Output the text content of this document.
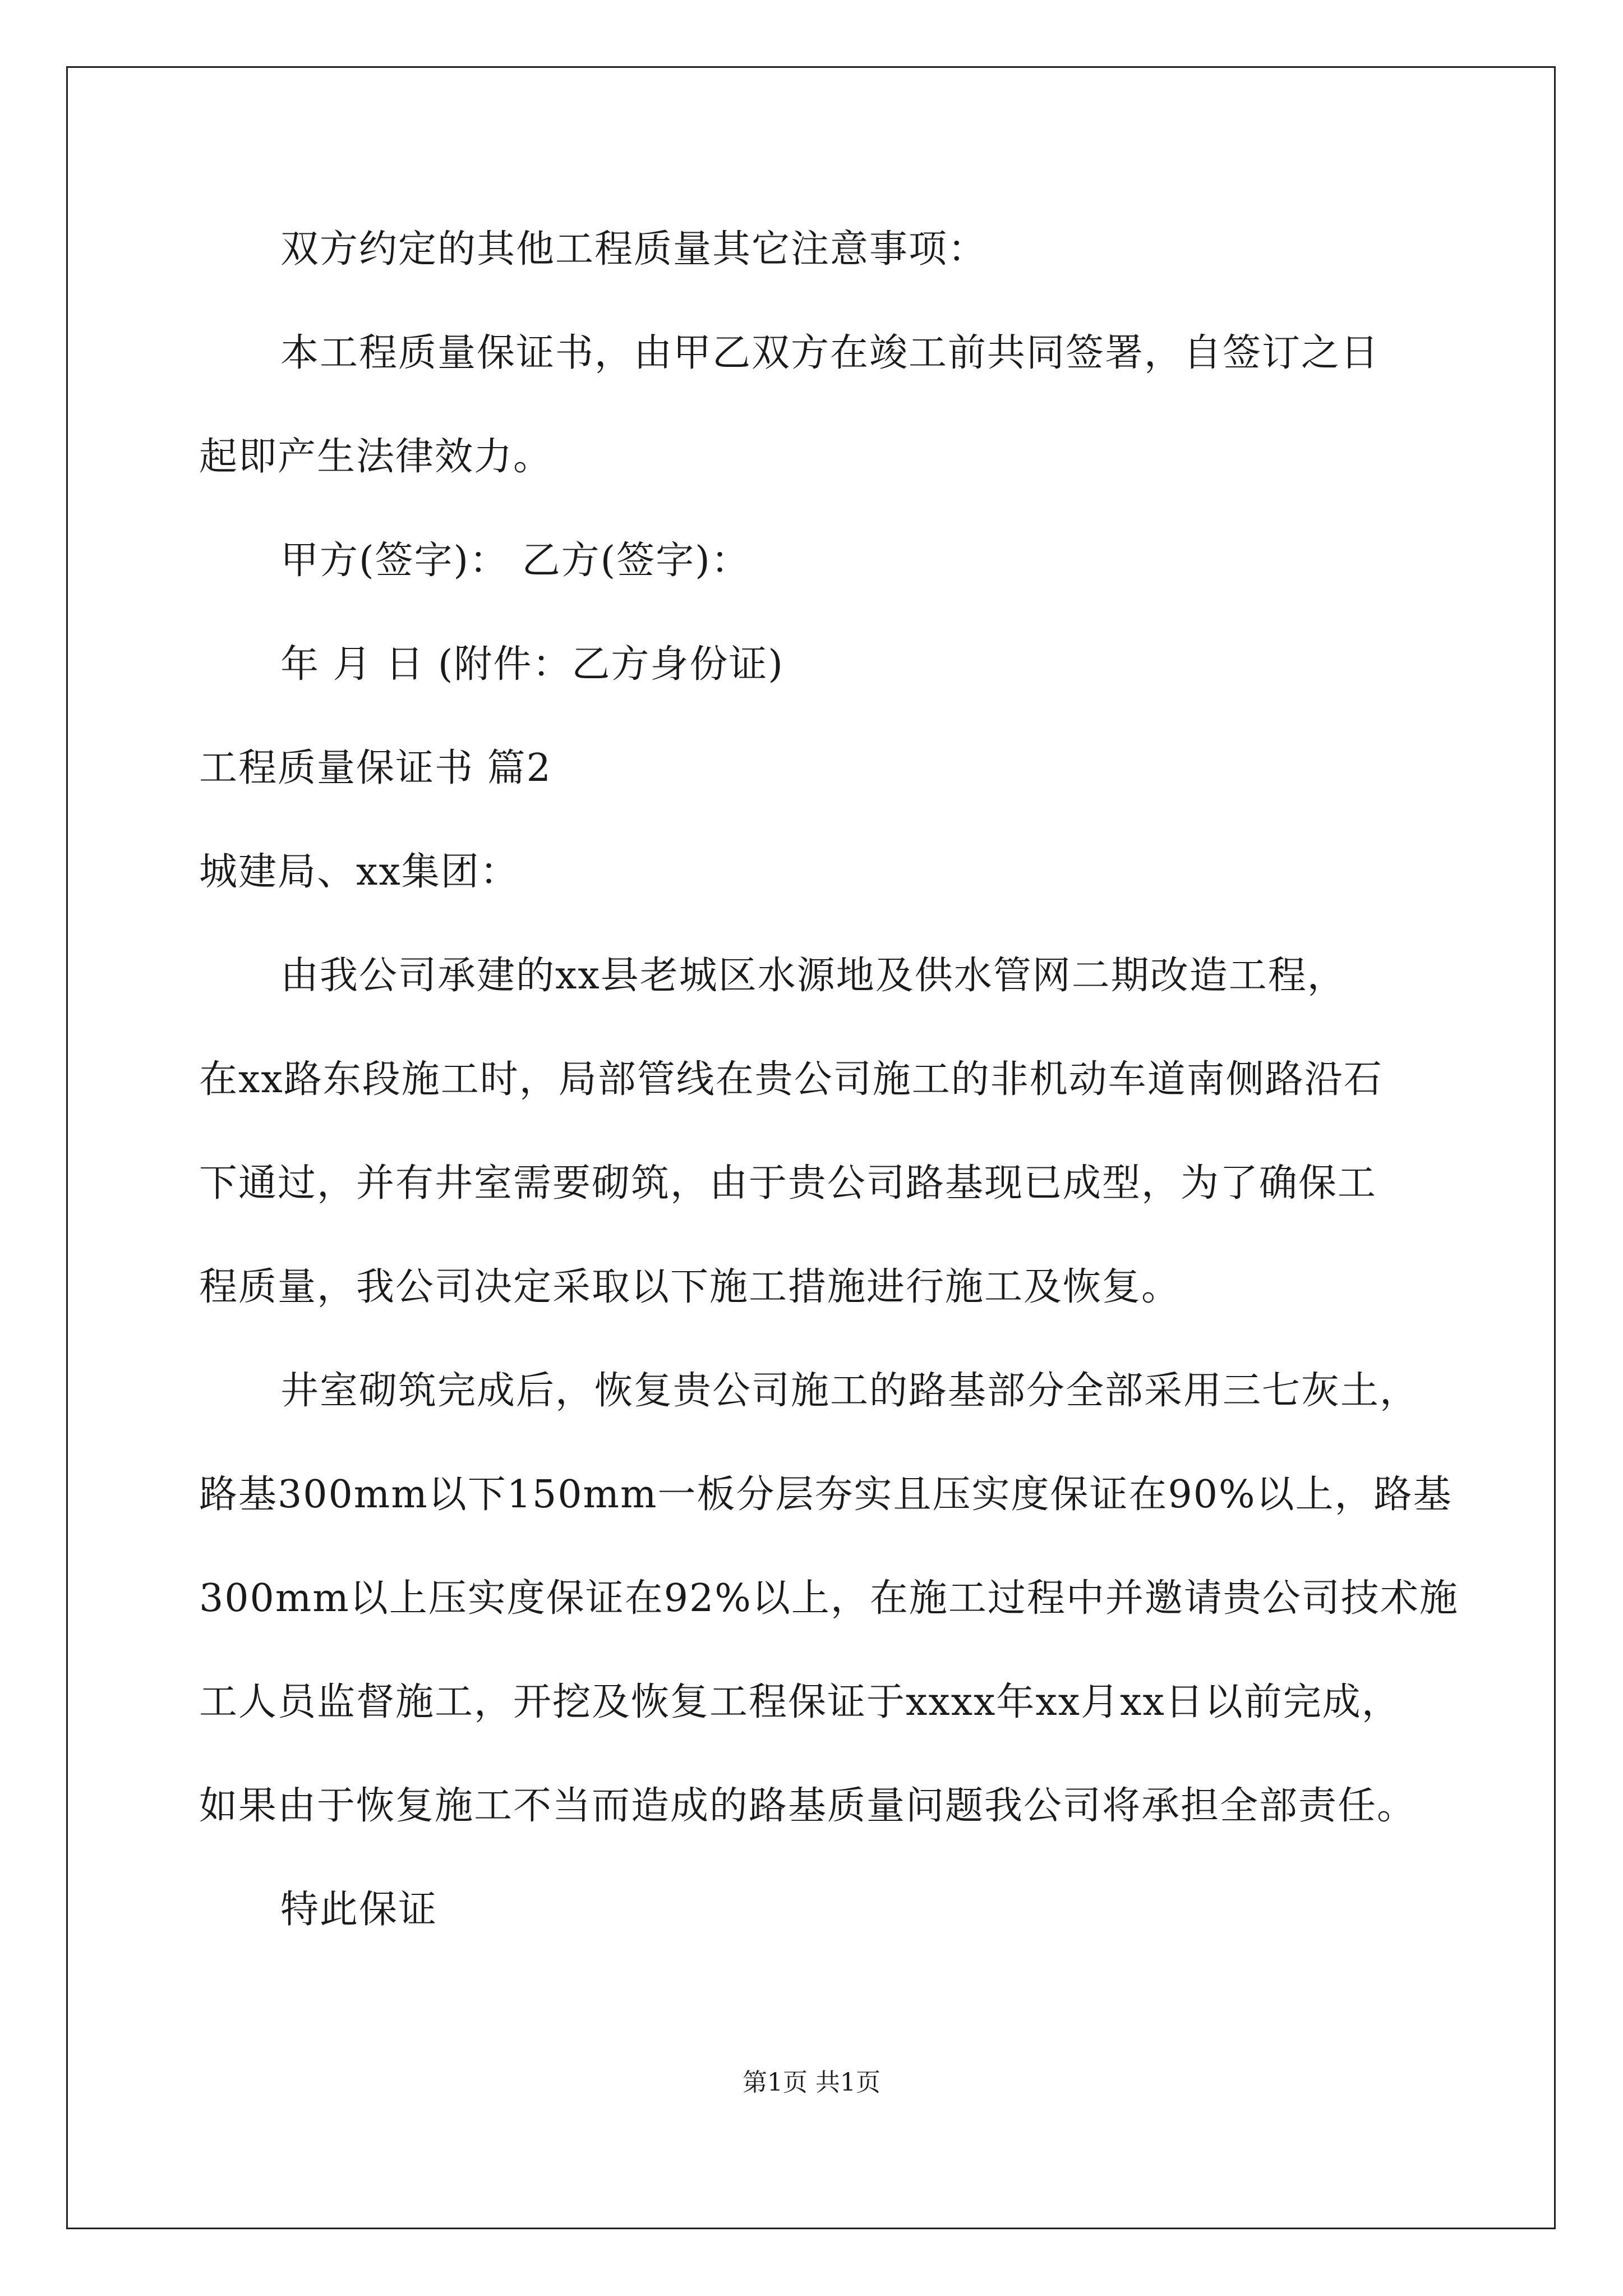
双方约定的其他工程质量其它注意事项：
本工程质量保证书，由甲乙双方在竣工前共同签署，自签订之日
起即产生法律效力。
甲方(签字)： 乙方(签字)：
年 月 日 (附件：乙方身份证)
工程质量保证书 篇2
城建局、xx集团：
由我公司承建的xx县老城区水源地及供水管网二期改造工程，
在xx路东段施工时，局部管线在贵公司施工的非机动车道南侧路沿石
下通过，并有井室需要砌筑，由于贵公司路基现已成型，为了确保工
程质量，我公司决定采取以下施工措施进行施工及恢复。
井室砌筑完成后，恢复贵公司施工的路基部分全部采用三七灰土，
路基300mm以下150mm一板分层夯实且压实度保证在90%以上，路基
300mm以上压实度保证在92%以上，在施工过程中并邀请贵公司技术施
工人员监督施工，开挖及恢复工程保证于xxxx年xx月xx日以前完成，
如果由于恢复施工不当而造成的路基质量问题我公司将承担全部责任。
特此保证
第1页 共1页
